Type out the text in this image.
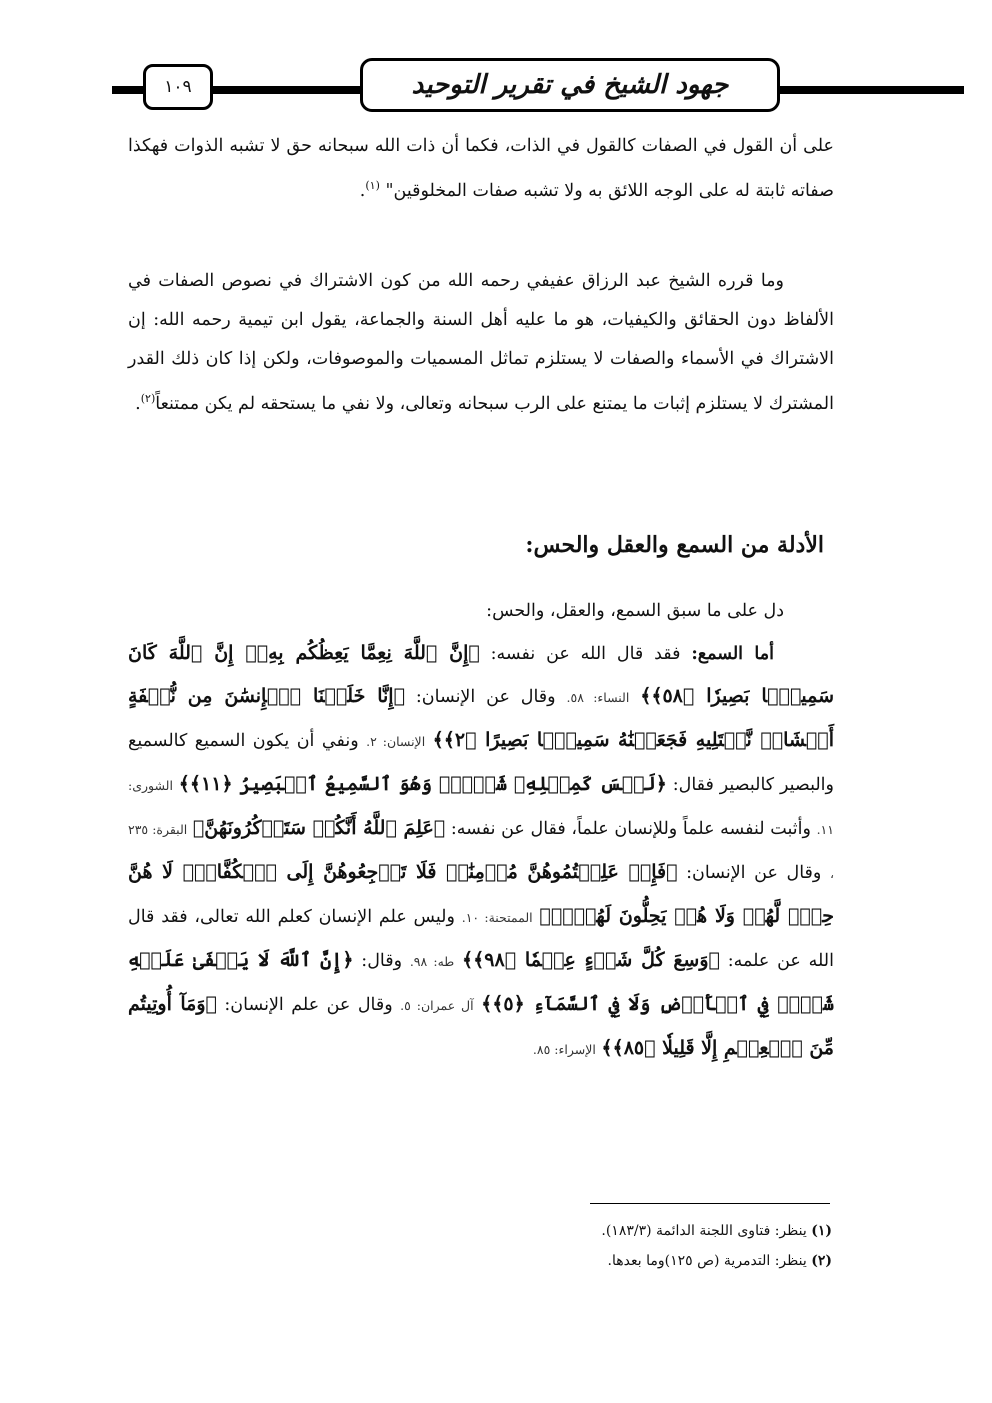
جهود الشيخ في تقرير التوحيد
١٠٩

على أن القول في الصفات كالقول في الذات، فكما أن ذات الله سبحانه حق لا تشبه الذوات فهكذا صفاته ثابتة له على الوجه اللائق به ولا تشبه صفات المخلوقين" $^{(١)}$.

وما قرره الشيخ عبد الرزاق عفيفي رحمه الله من كون الاشتراك في نصوص الصفات في الألفاظ دون الحقائق والكيفيات، هو ما عليه أهل السنة والجماعة، يقول ابن تيمية رحمه الله: إن الاشتراك في الأسماء والصفات لا يستلزم تماثل المسميات والموصوفات، ولكن إذا كان ذلك القدر المشترك لا يستلزم إثبات ما يمتنع على الرب سبحانه وتعالى، ولا نفي ما يستحقه لم يكن ممتنعاً$^{(٢)}$.

الأدلة من السمع والعقل والحس:

دل على ما سبق السمع، والعقل، والحس:

أما السمع: فقد قال الله عن نفسه: ﴿إِنَّ ٱللَّهَ نِعِمَّا يَعِظُكُم بِهِۦٓ إِنَّ ٱللَّهَ كَانَ سَمِيعَۢا بَصِيرٗا ﴿٥٨﴾﴾ النساء: ٥٨. وقال عن الإنسان: ﴿إِنَّا خَلَقۡنَا ٱلۡإِنسَٰنَ مِن نُّطۡفَةٍ أَمۡشَاجٖ نَّبۡتَلِيهِ فَجَعَلۡنَٰهُ سَمِيعَۢا بَصِيرًا ﴿٢﴾﴾ الإنسان: ٢. ونفي أن يكون السميع كالسميع والبصير كالبصير فقال: ﴿لَيۡسَ كَمِثۡلِهِۦ شَيۡءٞۖ وَهُوَ ٱلسَّمِيعُ ٱلۡبَصِيرُ ﴿١١﴾﴾ الشورى: ١١. وأثبت لنفسه علماً وللإنسان علماً، فقال عن نفسه: ﴿عَلِمَ ٱللَّهُ أَنَّكُمۡ سَتَذۡكُرُونَهُنَّ﴾ البقرة: ٢٣٥ ، وقال عن الإنسان: ﴿فَإِنۡ عَلِمۡتُمُوهُنَّ مُؤۡمِنَٰتٖ فَلَا تَرۡجِعُوهُنَّ إِلَى ٱلۡكُفَّارِۖ لَا هُنَّ حِلّٞ لَّهُمۡ وَلَا هُمۡ يَحِلُّونَ لَهُنَّۖ﴾ الممتحنة: ١٠. وليس علم الإنسان كعلم الله تعالى، فقد قال الله عن علمه: ﴿وَسِعَ كُلَّ شَيۡءٍ عِلۡمٗا ﴿٩٨﴾﴾ طه: ٩٨. وقال: ﴿إِنَّ ٱللَّهَ لَا يَخۡفَىٰ عَلَيۡهِ شَيۡءٞ فِي ٱلۡأَرۡضِ وَلَا فِي ٱلسَّمَآءِ ﴿٥﴾﴾ آل عمران: ٥. وقال عن علم الإنسان: ﴿وَمَآ أُوتِيتُم مِّنَ ٱلۡعِلۡمِ إِلَّا قَلِيلٗا ﴿٨٥﴾﴾ الإسراء: ٨٥.

(١) ينظر: فتاوى اللجنة الدائمة (١٨٣/٣).
(٢) ينظر: التدمرية (ص ١٢٥)وما بعدها.
